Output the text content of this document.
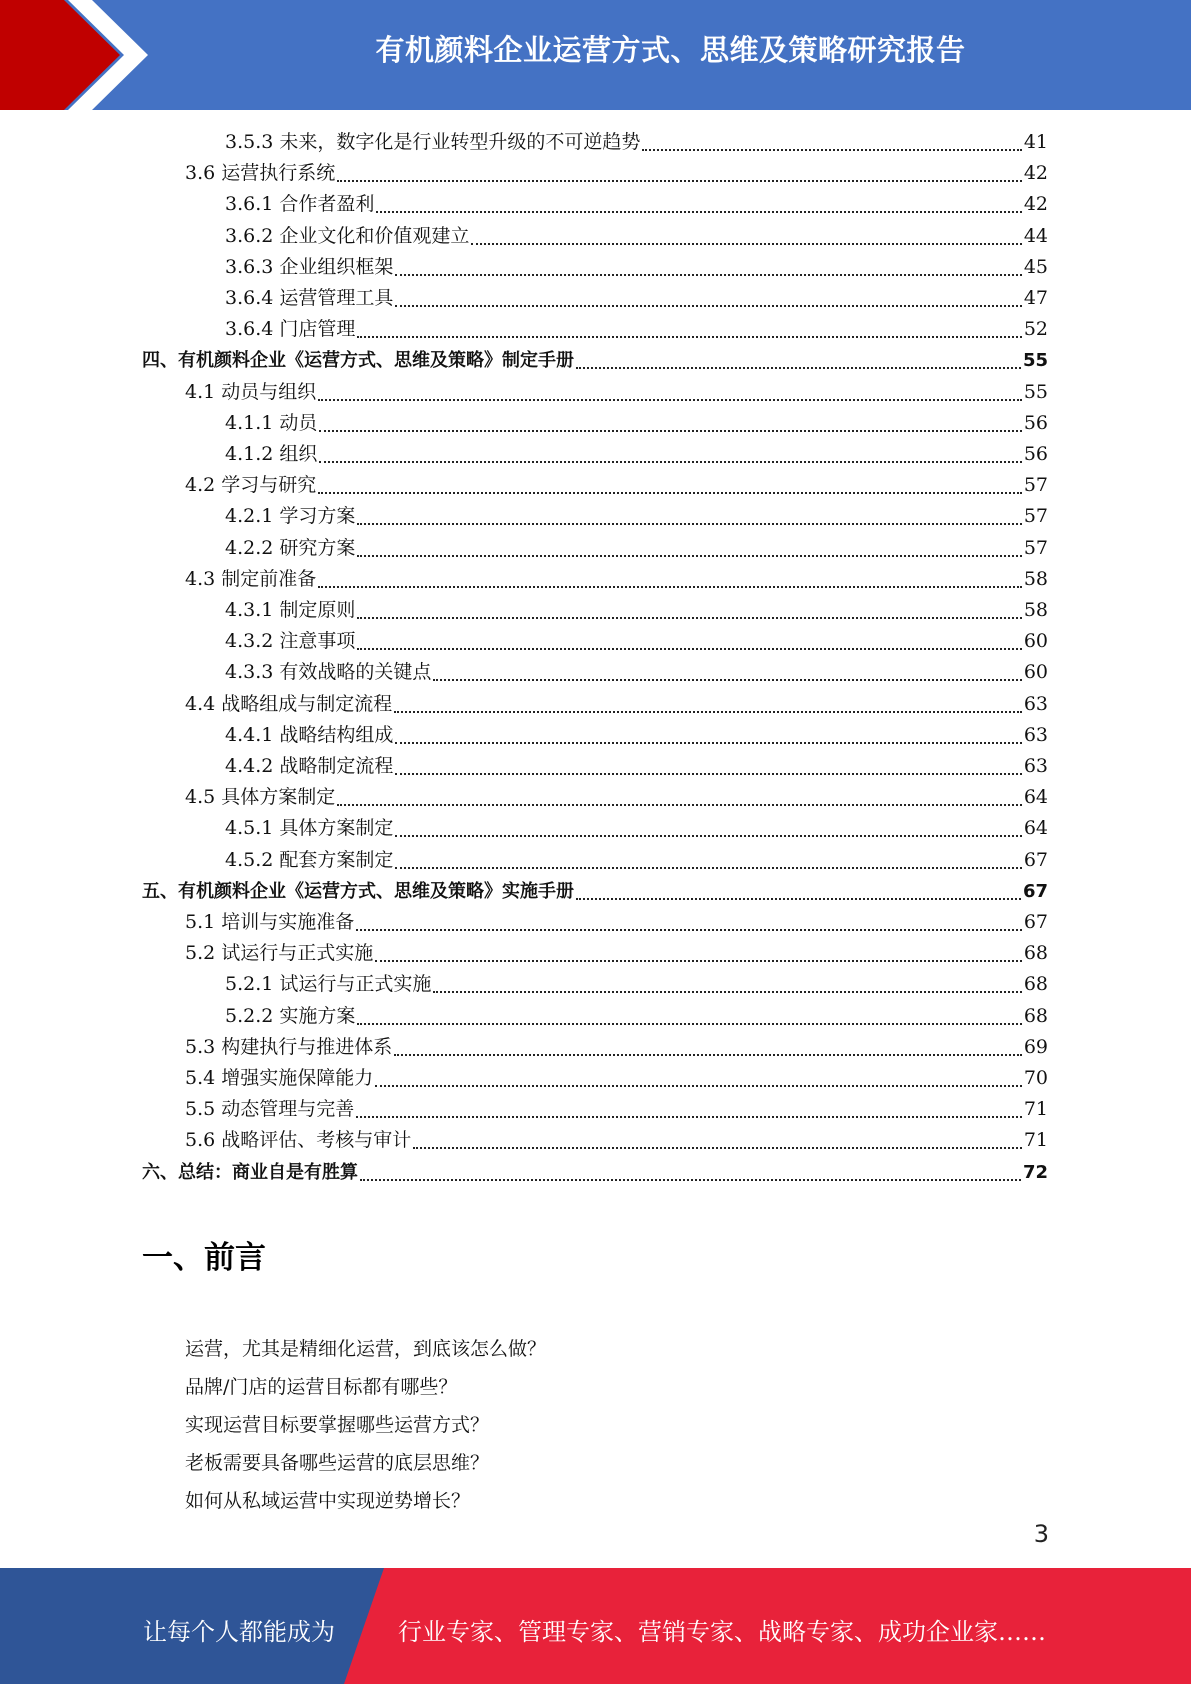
有机颜料企业运营方式、思维及策略研究报告
3.5.3 未来，数字化是行业转型升级的不可逆趋势	41
3.6 运营执行系统	42
3.6.1 合作者盈利	42
3.6.2 企业文化和价值观建立	44
3.6.3 企业组织框架	45
3.6.4 运营管理工具	47
3.6.4 门店管理	52
四、有机颜料企业《运营方式、思维及策略》制定手册	55
4.1 动员与组织	55
4.1.1 动员	56
4.1.2 组织	56
4.2 学习与研究	57
4.2.1 学习方案	57
4.2.2 研究方案	57
4.3 制定前准备	58
4.3.1 制定原则	58
4.3.2 注意事项	60
4.3.3 有效战略的关键点	60
4.4 战略组成与制定流程	63
4.4.1 战略结构组成	63
4.4.2 战略制定流程	63
4.5 具体方案制定	64
4.5.1 具体方案制定	64
4.5.2 配套方案制定	67
五、有机颜料企业《运营方式、思维及策略》实施手册	67
5.1 培训与实施准备	67
5.2 试运行与正式实施	68
5.2.1 试运行与正式实施	68
5.2.2 实施方案	68
5.3 构建执行与推进体系	69
5.4 增强实施保障能力	70
5.5 动态管理与完善	71
5.6 战略评估、考核与审计	71
六、总结：商业自是有胜算	72
一、前言
运营，尤其是精细化运营，到底该怎么做？
品牌/门店的运营目标都有哪些？
实现运营目标要掌握哪些运营方式？
老板需要具备哪些运营的底层思维？
如何从私域运营中实现逆势增长？
3
让每个人都能成为	行业专家、管理专家、营销专家、战略专家、成功企业家……
